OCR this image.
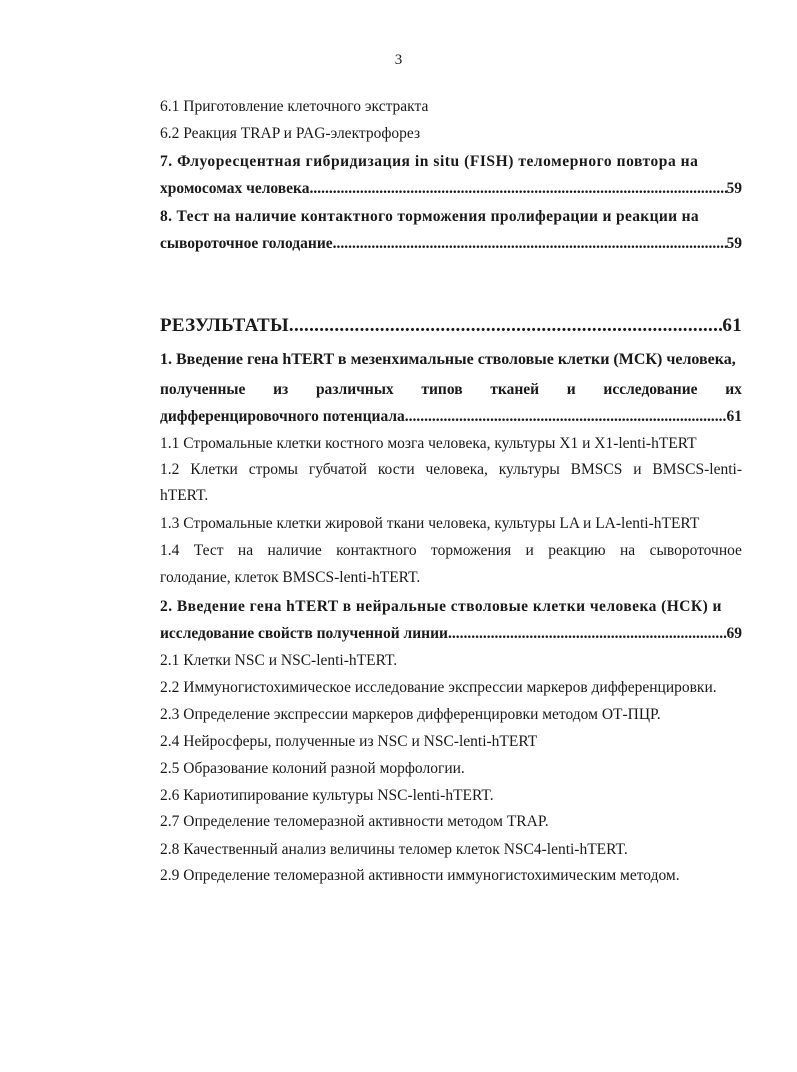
3
6.1 Приготовление клеточного экстракта
6.2 Реакция TRAP и PAG-электрофорез
7. Флуоресцентная гибридизация in situ (FISH) теломерного повтора на
хромосомах человека. .....	59
8. Тест на наличие контактного торможения пролиферации и реакции на
сывороточное голодание .....	59
РЕЗУЛЬТАТЫ .....	61
1. Введение гена hTERT в мезенхимальные стволовые клетки (МСК) человека,
полученные из различных типов тканей и исследование их
дифференцировочного потенциала .....	61
1.1 Стромальные клетки костного мозга человека, культуры X1 и X1-lenti-hTERT
1.2 Клетки стромы губчатой кости человека, культуры BMSCS и BMSCS-lenti-
hTERT.
1.3 Стромальные клетки жировой ткани человека, культуры LA и LA-lenti-hTERT
1.4 Тест на наличие контактного торможения и реакцию на сывороточное
голодание, клеток BMSCS-lenti-hTERT.
2. Введение гена hTERT в нейральные стволовые клетки человека (НСК) и
исследование свойств полученной линии .....	69
2.1 Клетки NSC и NSC-lenti-hTERT.
2.2 Иммуногистохимическое исследование экспрессии маркеров дифференцировки.
2.3 Определение экспрессии маркеров дифференцировки методом ОТ-ПЦР.
2.4 Нейросферы, полученные из NSC и NSC-lenti-hTERT
2.5 Образование колоний разной морфологии.
2.6 Кариотипирование культуры NSC-lenti-hTERT.
2.7 Определение теломеразной активности методом TRAP.
2.8 Качественный анализ величины теломер клеток NSC4-lenti-hTERT.
2.9 Определение теломеразной активности иммуногистохимическим методом.
